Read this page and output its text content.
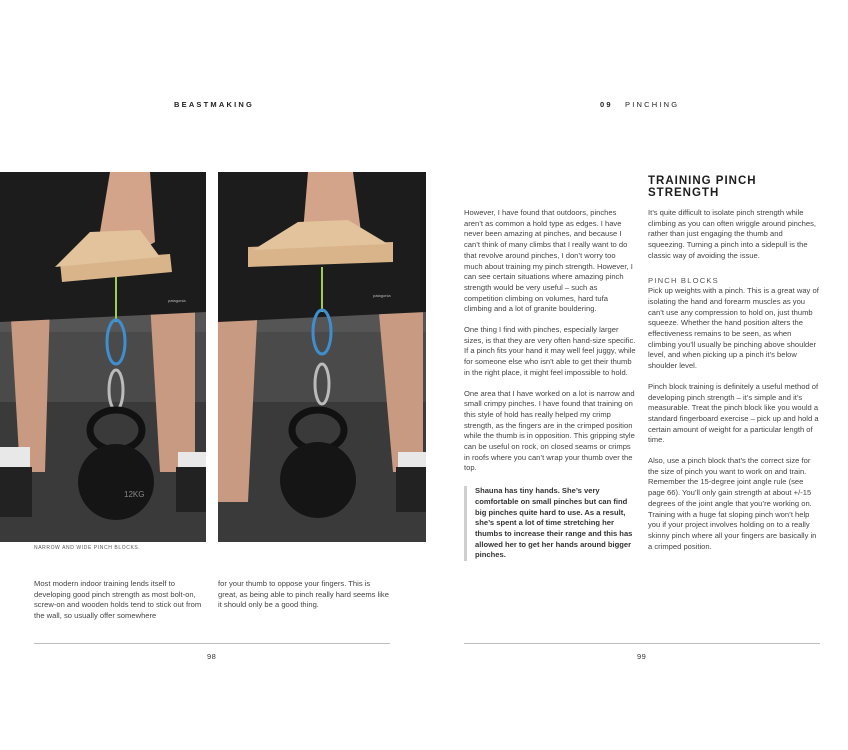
BEASTMAKING	09 PINCHING
patagonia
12KG
patagonia
NARROW AND WIDE PINCH BLOCKS.

Most modern indoor training lends itself to developing good pinch strength as most bolt-on, screw-on and wooden holds tend to stick out from the wall, so usually offer somewhere

for your thumb to oppose your fingers. This is great, as being able to pinch really hard seems like it should only be a good thing.

98
TRAINING PINCH STRENGTH

However, I have found that outdoors, pinches aren’t as common a hold type as edges. I have never been amazing at pinches, and because I can’t think of many climbs that I really want to do that revolve around pinches, I don’t worry too much about training my pinch strength. However, I can see certain situations where amazing pinch strength would be very useful – such as competition climbing on volumes, hard tufa climbing and a lot of granite bouldering.

One thing I find with pinches, especially larger sizes, is that they are very often hand-size specific. If a pinch fits your hand it may well feel juggy, while for someone else who isn’t able to get their thumb in the right place, it might feel impossible to hold.

One area that I have worked on a lot is narrow and small crimpy pinches. I have found that training on this style of hold has really helped my crimp strength, as the fingers are in the crimped position while the thumb is in opposition. This gripping style can be useful on rock, on closed seams or crimps in roofs where you can’t wrap your thumb over the top.

Shauna has tiny hands. She’s very comfortable on small pinches but can find big pinches quite hard to use. As a result, she’s spent a lot of time stretching her thumbs to increase their range and this has allowed her to get her hands around bigger pinches.

It’s quite difficult to isolate pinch strength while climbing as you can often wriggle around pinches, rather than just engaging the thumb and squeezing. Turning a pinch into a sidepull is the classic way of avoiding the issue.

PINCH BLOCKS

Pick up weights with a pinch. This is a great way of isolating the hand and forearm muscles as you can’t use any compression to hold on, just thumb squeeze. Whether the hand position alters the effectiveness remains to be seen, as when climbing you’ll usually be pinching above shoulder level, and when picking up a pinch it’s below shoulder level.

Pinch block training is definitely a useful method of developing pinch strength – it’s simple and it’s measurable. Treat the pinch block like you would a standard fingerboard exercise – pick up and hold a certain amount of weight for a particular length of time.

Also, use a pinch block that’s the correct size for the size of pinch you want to work on and train. Remember the 15-degree joint angle rule (see page 66). You’ll only gain strength at about +/-15 degrees of the joint angle that you’re working on. Training with a huge fat sloping pinch won’t help you if your project involves holding on to a really skinny pinch where all your fingers are basically in a crimped position.

99
